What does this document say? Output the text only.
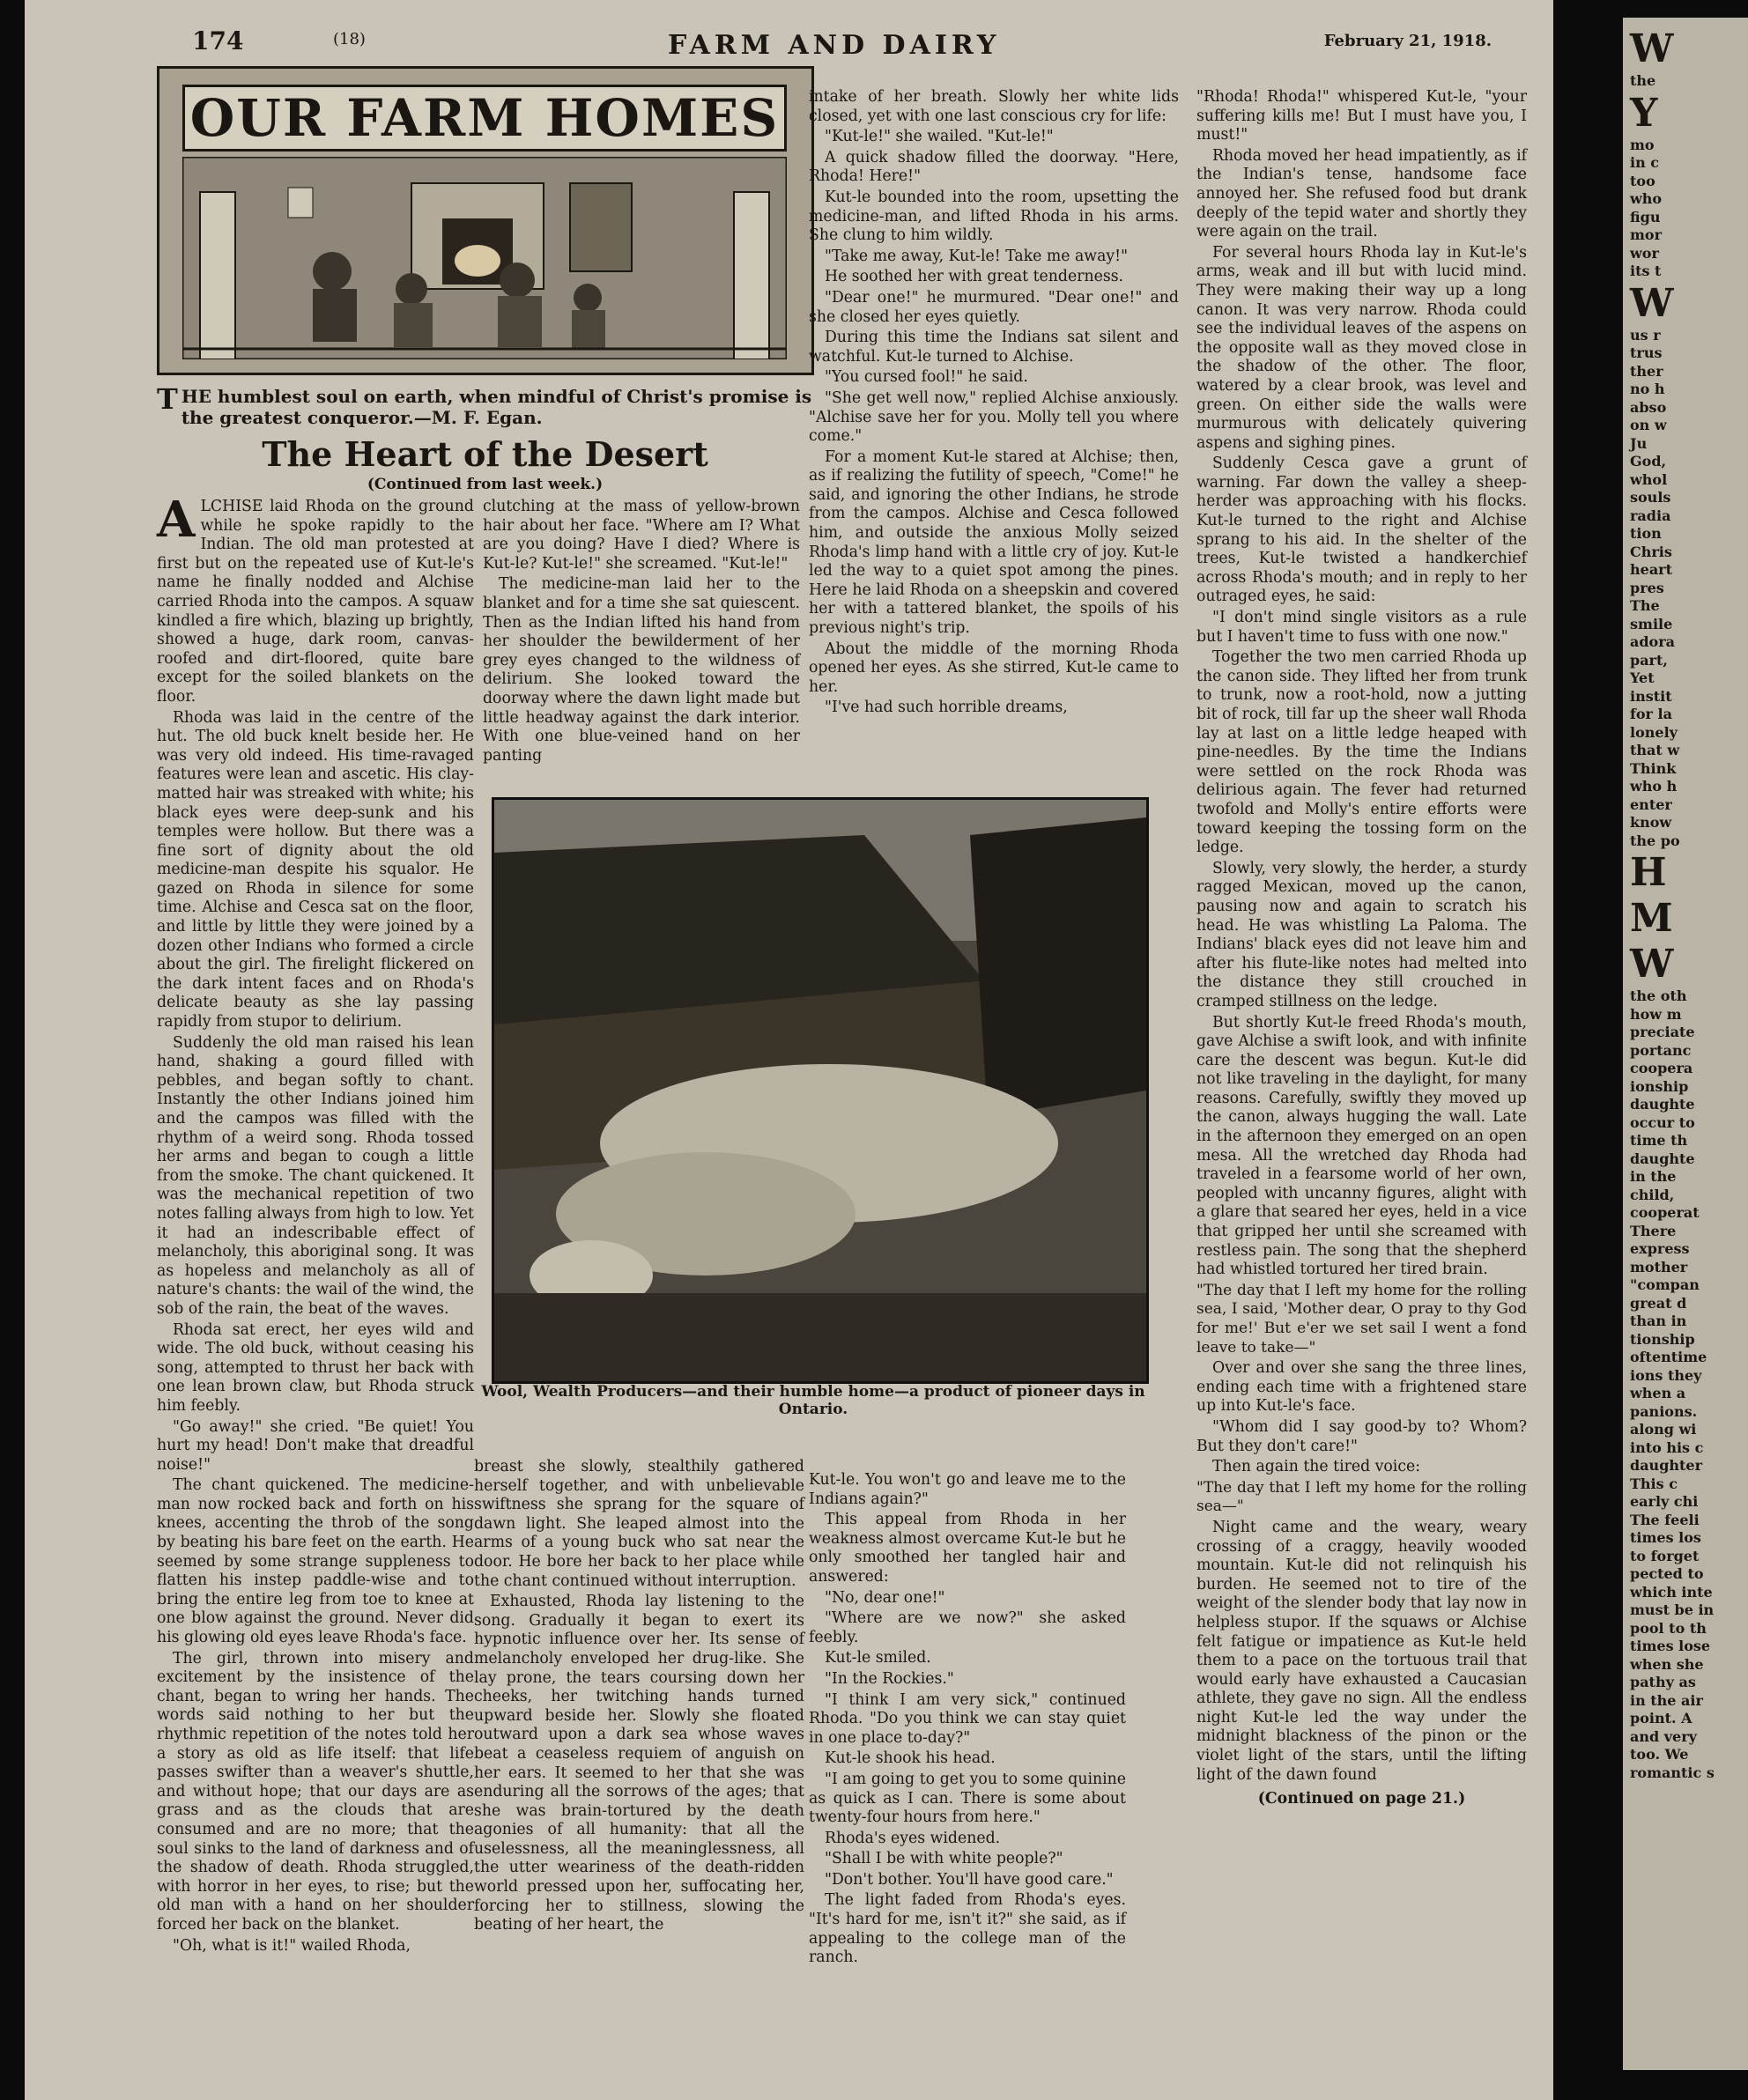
174	(18)	FARM AND DAIRY	February 21, 1918.
OUR FARM HOMES
THE humblest soul on earth, when mindful of Christ's promise is the greatest conqueror.—M. F. Egan.
The Heart of the Desert
(Continued from last week.)

ALCHISE laid Rhoda on the ground while he spoke rapidly to the Indian. The old man protested at first but on the repeated use of Kut-le's name he finally nodded and Alchise carried Rhoda into the campos. A squaw kindled a fire which, blazing up brightly, showed a huge, dark room, canvas-roofed and dirt-floored, quite bare except for the soiled blankets on the floor.

Rhoda was laid in the centre of the hut. The old buck knelt beside her. He was very old indeed. His time-ravaged features were lean and ascetic. His clay-matted hair was streaked with white; his black eyes were deep-sunk and his temples were hollow. But there was a fine sort of dignity about the old medicine-man despite his squalor. He gazed on Rhoda in silence for some time. Alchise and Cesca sat on the floor, and little by little they were joined by a dozen other Indians who formed a circle about the girl. The firelight flickered on the dark intent faces and on Rhoda's delicate beauty as she lay passing rapidly from stupor to delirium.

Suddenly the old man raised his lean hand, shaking a gourd filled with pebbles, and began softly to chant. Instantly the other Indians joined him and the campos was filled with the rhythm of a weird song. Rhoda tossed her arms and began to cough a little from the smoke. The chant quickened. It was the mechanical repetition of two notes falling always from high to low. Yet it had an indescribable effect of melancholy, this aboriginal song. It was as hopeless and melancholy as all of nature's chants: the wail of the wind, the sob of the rain, the beat of the waves.

Rhoda sat erect, her eyes wild and wide. The old buck, without ceasing his song, attempted to thrust her back with one lean brown claw, but Rhoda struck him feebly.

"Go away!" she cried. "Be quiet! You hurt my head! Don't make that dreadful noise!"

The chant quickened. The medicine-man now rocked back and forth on his knees, accenting the throb of the song by beating his bare feet on the earth. He seemed by some strange suppleness to flatten his instep paddle-wise and to bring the entire leg from toe to knee at one blow against the ground. Never did his glowing old eyes leave Rhoda's face.

The girl, thrown into misery and excitement by the insistence of the chant, began to wring her hands. The words said nothing to her but the rhythmic repetition of the notes told her a story as old as life itself: that life passes swifter than a weaver's shuttle, and without hope; that our days are as grass and as the clouds that are consumed and are no more; that the soul sinks to the land of darkness and of the shadow of death. Rhoda struggled, with horror in her eyes, to rise; but the old man with a hand on her shoulder forced her back on the blanket.

"Oh, what is it!" wailed Rhoda,

clutching at the mass of yellow-brown hair about her face. "Where am I? What are you doing? Have I died? Where is Kut-le? Kut-le!" she screamed. "Kut-le!"

The medicine-man laid her to the blanket and for a time she sat quiescent. Then as the Indian lifted his hand from her shoulder the bewilderment of her grey eyes changed to the wildness of delirium. She looked toward the doorway where the dawn light made but little headway against the dark interior. With one blue-veined hand on her panting

Wool, Wealth Producers—and their humble home—a product of pioneer days in Ontario.

breast she slowly, stealthily gathered herself together, and with unbelievable swiftness she sprang for the square of dawn light. She leaped almost into the arms of a young buck who sat near the door. He bore her back to her place while the chant continued without interruption.

Exhausted, Rhoda lay listening to the song. Gradually it began to exert its hypnotic influence over her. Its sense of melancholy enveloped her drug-like. She lay prone, the tears coursing down her cheeks, her twitching hands turned upward beside her. Slowly she floated outward upon a dark sea whose waves beat a ceaseless requiem of anguish on her ears. It seemed to her that she was enduring all the sorrows of the ages; that she was brain-tortured by the death agonies of all humanity: that all the uselessness, all the meaninglessness, all the utter weariness of the death-ridden world pressed upon her, suffocating her, forcing her to stillness, slowing the beating of her heart, the

intake of her breath. Slowly her white lids closed, yet with one last conscious cry for life:

"Kut-le!" she wailed. "Kut-le!"

A quick shadow filled the doorway. "Here, Rhoda! Here!"

Kut-le bounded into the room, upsetting the medicine-man, and lifted Rhoda in his arms. She clung to him wildly.

"Take me away, Kut-le! Take me away!"

He soothed her with great tenderness.

"Dear one!" he murmured. "Dear one!" and she closed her eyes quietly.

During this time the Indians sat silent and watchful. Kut-le turned to Alchise.

"You cursed fool!" he said.

"She get well now," replied Alchise anxiously. "Alchise save her for you. Molly tell you where come."

For a moment Kut-le stared at Alchise; then, as if realizing the futility of speech, "Come!" he said, and ignoring the other Indians, he strode from the campos. Alchise and Cesca followed him, and outside the anxious Molly seized Rhoda's limp hand with a little cry of joy. Kut-le led the way to a quiet spot among the pines. Here he laid Rhoda on a sheepskin and covered her with a tattered blanket, the spoils of his previous night's trip.

About the middle of the morning Rhoda opened her eyes. As she stirred, Kut-le came to her.

"I've had such horrible dreams,

Kut-le. You won't go and leave me to the Indians again?"

This appeal from Rhoda in her weakness almost overcame Kut-le but he only smoothed her tangled hair and answered:

"No, dear one!"

"Where are we now?" she asked feebly.

Kut-le smiled.

"In the Rockies."

"I think I am very sick," continued Rhoda. "Do you think we can stay quiet in one place to-day?"

Kut-le shook his head.

"I am going to get you to some quinine as quick as I can. There is some about twenty-four hours from here."

Rhoda's eyes widened.

"Shall I be with white people?"

"Don't bother. You'll have good care."

The light faded from Rhoda's eyes. "It's hard for me, isn't it?" she said, as if appealing to the college man of the ranch.

"Rhoda! Rhoda!" whispered Kut-le, "your suffering kills me! But I must have you, I must!"

Rhoda moved her head impatiently, as if the Indian's tense, handsome face annoyed her. She refused food but drank deeply of the tepid water and shortly they were again on the trail.

For several hours Rhoda lay in Kut-le's arms, weak and ill but with lucid mind. They were making their way up a long canon. It was very narrow. Rhoda could see the individual leaves of the aspens on the opposite wall as they moved close in the shadow of the other. The floor, watered by a clear brook, was level and green. On either side the walls were murmurous with delicately quivering aspens and sighing pines.

Suddenly Cesca gave a grunt of warning. Far down the valley a sheep-herder was approaching with his flocks. Kut-le turned to the right and Alchise sprang to his aid. In the shelter of the trees, Kut-le twisted a handkerchief across Rhoda's mouth; and in reply to her outraged eyes, he said:

"I don't mind single visitors as a rule but I haven't time to fuss with one now."

Together the two men carried Rhoda up the canon side. They lifted her from trunk to trunk, now a root-hold, now a jutting bit of rock, till far up the sheer wall Rhoda lay at last on a little ledge heaped with pine-needles. By the time the Indians were settled on the rock Rhoda was delirious again. The fever had returned twofold and Molly's entire efforts were toward keeping the tossing form on the ledge.

Slowly, very slowly, the herder, a sturdy ragged Mexican, moved up the canon, pausing now and again to scratch his head. He was whistling La Paloma. The Indians' black eyes did not leave him and after his flute-like notes had melted into the distance they still crouched in cramped stillness on the ledge.

But shortly Kut-le freed Rhoda's mouth, gave Alchise a swift look, and with infinite care the descent was begun. Kut-le did not like traveling in the daylight, for many reasons. Carefully, swiftly they moved up the canon, always hugging the wall. Late in the afternoon they emerged on an open mesa. All the wretched day Rhoda had traveled in a fearsome world of her own, peopled with uncanny figures, alight with a glare that seared her eyes, held in a vice that gripped her until she screamed with restless pain. The song that the shepherd had whistled tortured her tired brain.

"The day that I left my home for the rolling sea, I said, 'Mother dear, O pray to thy God for me!' But e'er we set sail I went a fond leave to take—"

Over and over she sang the three lines, ending each time with a frightened stare up into Kut-le's face.

"Whom did I say good-by to? Whom? But they don't care!"

Then again the tired voice:

"The day that I left my home for the rolling sea—"

Night came and the weary, weary crossing of a craggy, heavily wooded mountain. Kut-le did not relinquish his burden. He seemed not to tire of the weight of the slender body that lay now in helpless stupor. If the squaws or Alchise felt fatigue or impatience as Kut-le held them to a pace on the tortuous trail that would early have exhausted a Caucasian athlete, they gave no sign. All the endless night Kut-le led the way under the midnight blackness of the pinon or the violet light of the stars, until the lifting light of the dawn found

(Continued on page 21.)
W
the
Y
mo
in c
too
who
figu
mor
wor
its t
W
us r
trus
ther
no h
abso
on w
Ju
God,
whol
souls
radia
tion
Chris
heart
pres
The
smile
adora
part,
Yet
instit
for la
lonely
that w
Think
who h
enter
know
the po
H
M
W
the oth
how m
preciate
portanc
coopera
ionship
daughte
occur to
time th
daughte
in the
child,
cooperat
There
express
mother
"compan
great d
than in
tionship
oftentime
ions they
when a
panions.
along wi
into his c
daughter
This c
early chi
The feeli
times los
to forget
pected to
which inte
must be in
pool to th
times lose
when she
pathy as
in the air
point. A
and very
too. We
romantic s
